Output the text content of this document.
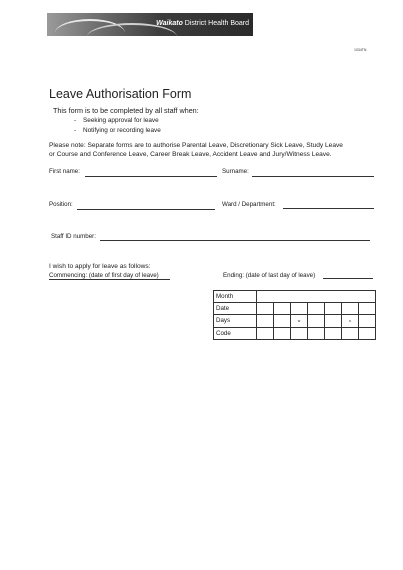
Waikato District Health Board
1034TN
Leave Authorisation Form
This form is to be completed by all staff when:
- Seeking approval for leave
- Notifying or recording leave
Please note: Separate forms are to authorise Parental Leave, Discretionary Sick Leave, Study Leave
or Course and Conference Leave, Career Break Leave, Accident Leave and Jury/Witness Leave.
First name:	Surname:
Position:	Ward / Department:
Staff ID number:
I wish to apply for leave as follows:
Commencing: (date of first day of leave)	Ending: (date of last day of leave)
Month							
Date							
Days			w			s	
Code							
